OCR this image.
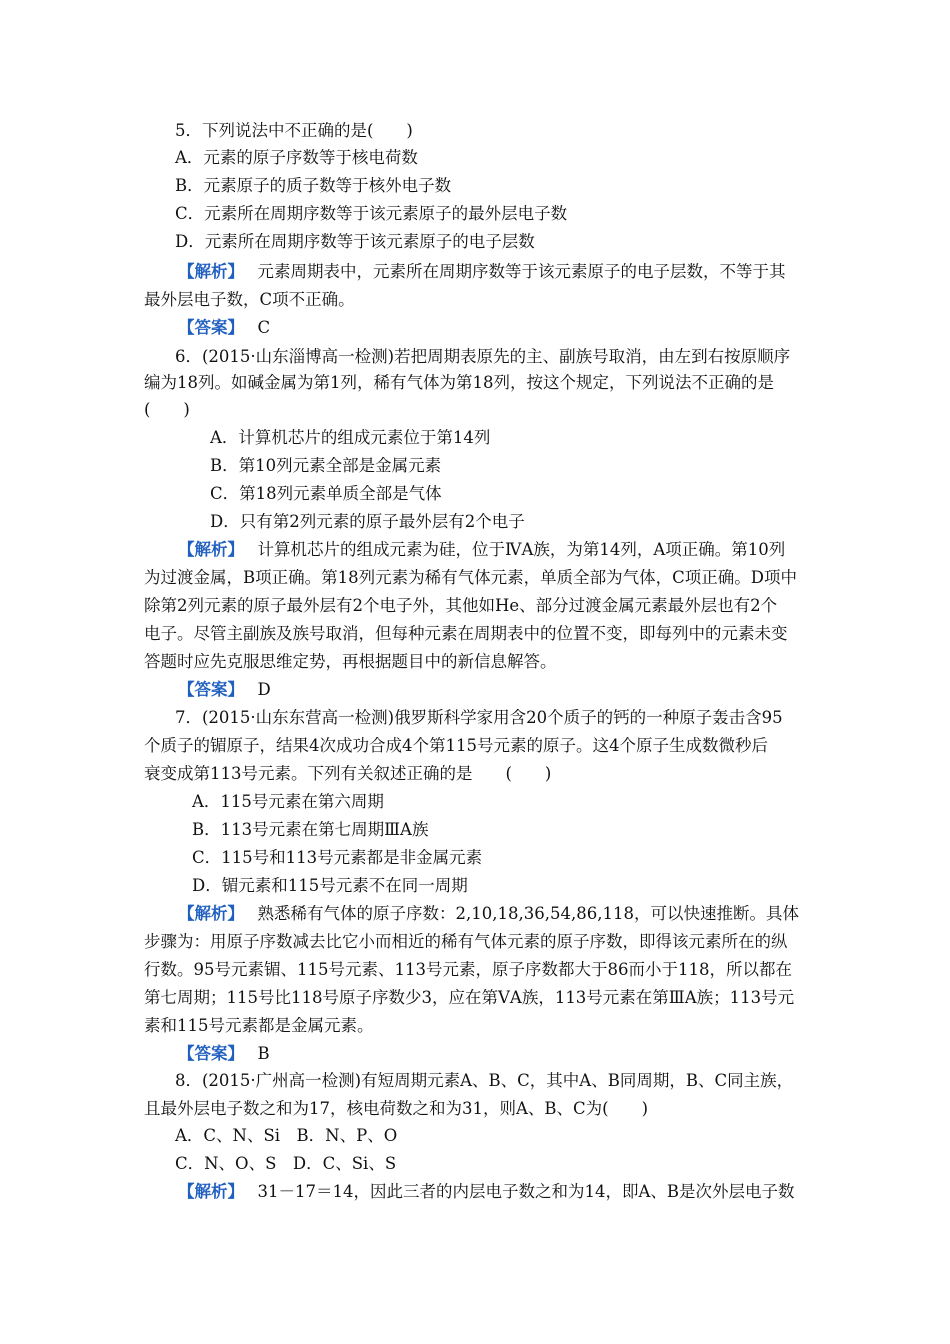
5．下列说法中不正确的是(　　)
A．元素的原子序数等于核电荷数
B．元素原子的质子数等于核外电子数
C．元素所在周期序数等于该元素原子的最外层电子数
D．元素所在周期序数等于该元素原子的电子层数
【解析】　 元素周期表中，元素所在周期序数等于该元素原子的电子层数，不等于其
最外层电子数，C项不正确。
【答案】　 C
6．(2015·山东淄博高一检测)若把周期表原先的主、副族号取消，由左到右按原顺序
编为18列。如碱金属为第1列，稀有气体为第18列，按这个规定，下列说法不正确的是
(　　)
A．计算机芯片的组成元素位于第14列
B．第10列元素全部是金属元素
C．第18列元素单质全部是气体
D．只有第2列元素的原子最外层有2个电子
【解析】　 计算机芯片的组成元素为硅，位于ⅣA族，为第14列，A项正确。第10列
为过渡金属，B项正确。第18列元素为稀有气体元素，单质全部为气体，C项正确。D项中
除第2列元素的原子最外层有2个电子外，其他如He、部分过渡金属元素最外层也有2个
电子。尽管主副族及族号取消，但每种元素在周期表中的位置不变，即每列中的元素未变
答题时应先克服思维定势，再根据题目中的新信息解答。
【答案】　 D
7．(2015·山东东营高一检测)俄罗斯科学家用含20个质子的钙的一种原子轰击含95
个质子的镅原子，结果4次成功合成4个第115号元素的原子。这4个原子生成数微秒后
衰变成第113号元素。下列有关叙述正确的是　　(　　)
A．115号元素在第六周期
B．113号元素在第七周期ⅢA族
C．115号和113号元素都是非金属元素
D．镅元素和115号元素不在同一周期
【解析】　 熟悉稀有气体的原子序数：2,10,18,36,54,86,118，可以快速推断。具体
步骤为：用原子序数减去比它小而相近的稀有气体元素的原子序数，即得该元素所在的纵
行数。95号元素镅、115号元素、113号元素，原子序数都大于86而小于118，所以都在
第七周期；115号比118号原子序数少3，应在第ⅤA族，113号元素在第ⅢA族；113号元
素和115号元素都是金属元素。
【答案】　 B
8．(2015·广州高一检测)有短周期元素A、B、C，其中A、B同周期，B、C同主族，
且最外层电子数之和为17，核电荷数之和为31，则A、B、C为(　　)
A．C、N、Si　B．N、P、O
C．N、O、S　D．C、Si、S
【解析】　 31－17＝14，因此三者的内层电子数之和为14，即A、B是次外层电子数
